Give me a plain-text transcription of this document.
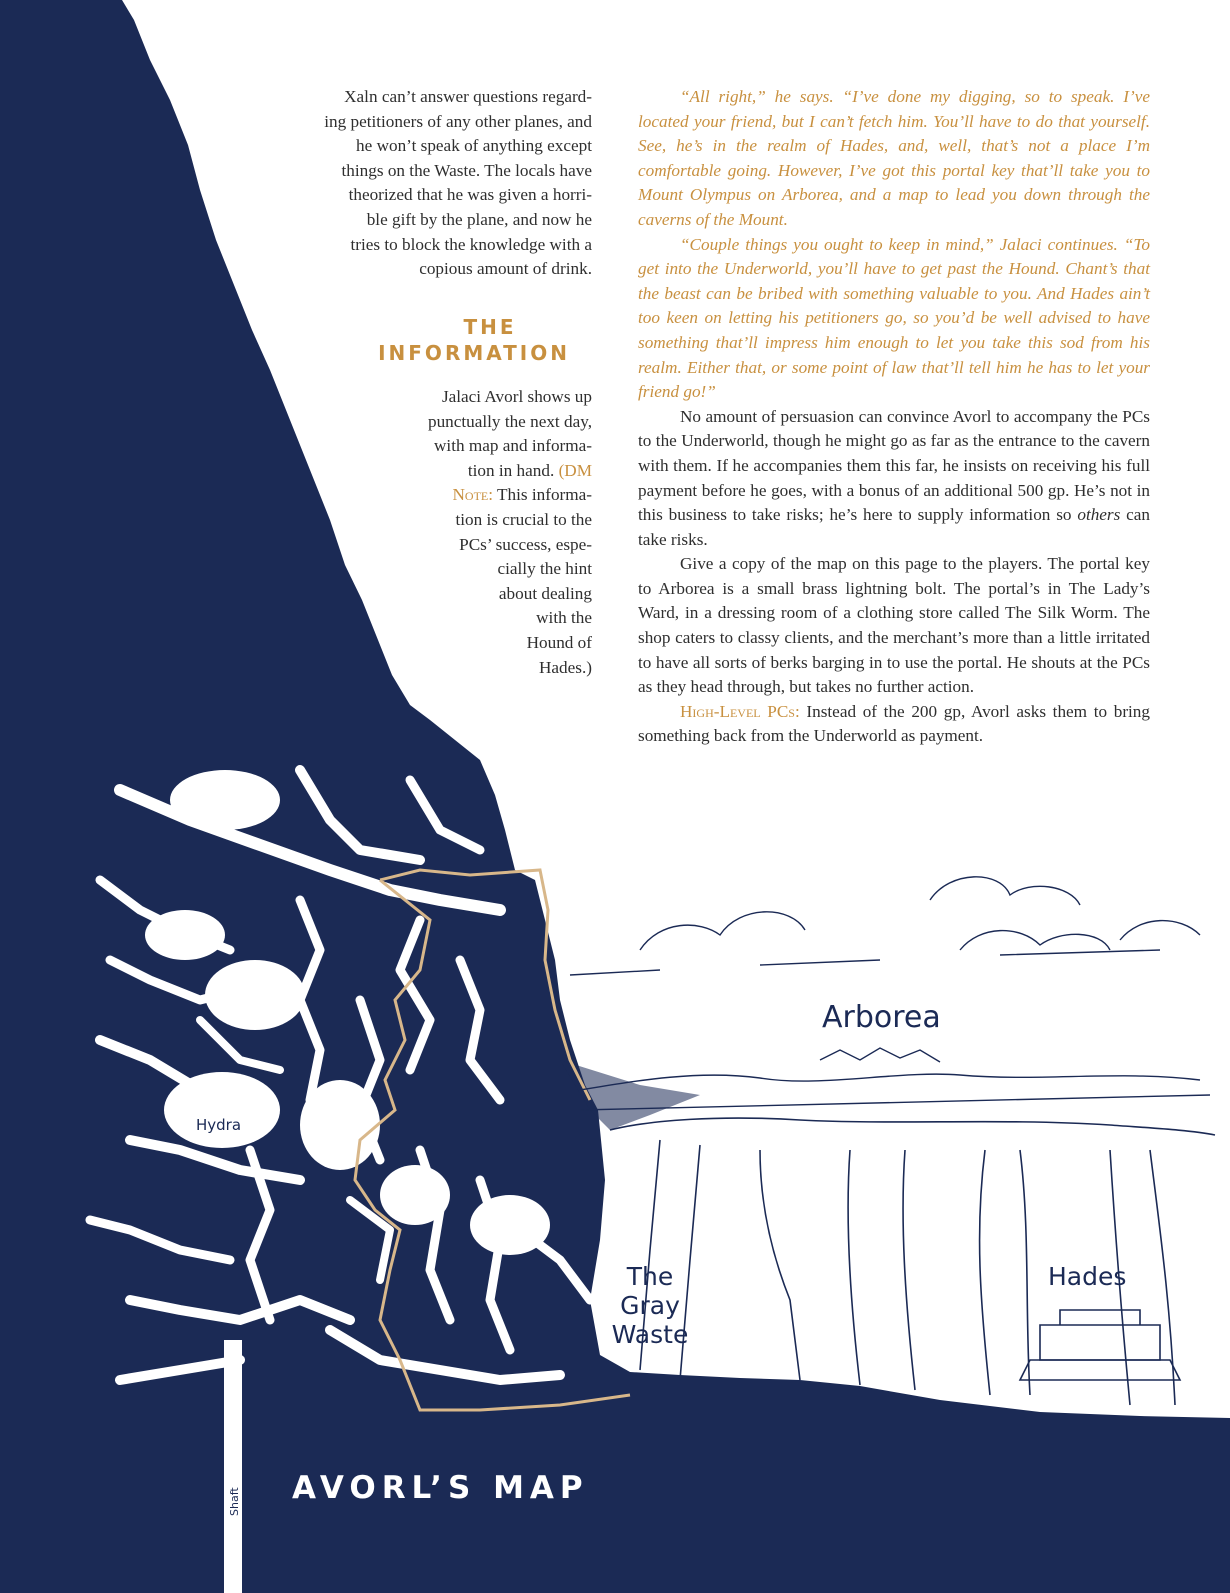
Xaln can’t answer questions regard-

ing petitioners of any other planes, and

he won’t speak of anything except

things on the Waste. The locals have

theorized that he was given a horri-

ble gift by the plane, and now he

tries to block the knowledge with a

copious amount of drink.

THE
INFORMATION

Jalaci Avorl shows up

punctually the next day,

with map and informa-

tion in hand. (DM

Note: This informa-

tion is crucial to the

PCs’ success, espe-

cially the hint

about dealing

with the

Hound of

Hades.)

“All right,” he says. “I’ve done my digging, so to speak. I’ve located your friend, but I can’t fetch him. You’ll have to do that yourself. See, he’s in the realm of Hades, and, well, that’s not a place I’m comfortable going. However, I’ve got this portal key that’ll take you to Mount Olympus on Arborea, and a map to lead you down through the caverns of the Mount.

“Couple things you ought to keep in mind,” Jalaci continues. “To get into the Underworld, you’ll have to get past the Hound. Chant’s that the beast can be bribed with something valuable to you. And Hades ain’t too keen on letting his petitioners go, so you’d be well advised to have something that’ll impress him enough to let you take this sod from his realm. Either that, or some point of law that’ll tell him he has to let your friend go!”

No amount of persuasion can convince Avorl to accompany the PCs to the Underworld, though he might go as far as the entrance to the cavern with them. If he accompanies them this far, he insists on receiving his full payment before he goes, with a bonus of an additional 500 gp. He’s not in this business to take risks; he’s here to supply information so others can take risks.

Give a copy of the map on this page to the players. The portal key to Arborea is a small brass lightning bolt. The portal’s in The Lady’s Ward, in a dressing room of a clothing store called The Silk Worm. The shop caters to classy clients, and the merchant’s more than a little irritated to have all sorts of berks barging in to use the portal. He shouts at the PCs as they head through, but takes no further action.

High-Level PCs: Instead of the 200 gp, Avorl asks them to bring something back from the Underworld as payment.

Arborea
Hydra
The Gray
Waste
Hades
Shaft AVORL’S MAP
